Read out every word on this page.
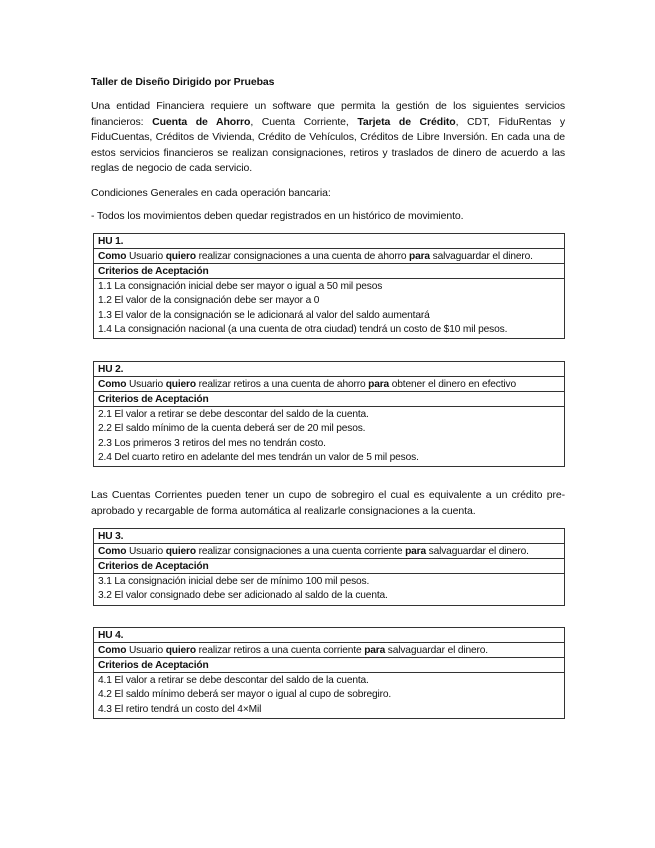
Taller de Diseño Dirigido por Pruebas
Una entidad Financiera requiere un software que permita la gestión de los siguientes servicios financieros: Cuenta de Ahorro, Cuenta Corriente, Tarjeta de Crédito, CDT, FiduRentas y FiduCuentas, Créditos de Vivienda, Crédito de Vehículos, Créditos de Libre Inversión. En cada una de estos servicios financieros se realizan consignaciones, retiros y traslados de dinero de acuerdo a las reglas de negocio de cada servicio.
Condiciones Generales en cada operación bancaria:
- Todos los movimientos deben quedar registrados en un histórico de movimiento.
HU 1.
Como Usuario quiero realizar consignaciones a una cuenta de ahorro para salvaguardar el dinero.
Criterios de Aceptación

1.1 La consignación inicial debe ser mayor o igual a 50 mil pesos
1.2 El valor de la consignación debe ser mayor a 0
1.3 El valor de la consignación se le adicionará al valor del saldo aumentará
1.4 La consignación nacional (a una cuenta de otra ciudad) tendrá un costo de $10 mil pesos.
HU 2.
Como Usuario quiero realizar retiros a una cuenta de ahorro para obtener el dinero en efectivo
Criterios de Aceptación

2.1 El valor a retirar se debe descontar del saldo de la cuenta.
2.2 El saldo mínimo de la cuenta deberá ser de 20 mil pesos.
2.3 Los primeros 3 retiros del mes no tendrán costo.
2.4 Del cuarto retiro en adelante del mes tendrán un valor de 5 mil pesos.
Las Cuentas Corrientes pueden tener un cupo de sobregiro el cual es equivalente a un crédito pre-aprobado y recargable de forma automática al realizarle consignaciones a la cuenta.
HU 3.
Como Usuario quiero realizar consignaciones a una cuenta corriente para salvaguardar el dinero.
Criterios de Aceptación

3.1 La consignación inicial debe ser de mínimo 100 mil pesos.
3.2 El valor consignado debe ser adicionado al saldo de la cuenta.
HU 4.
Como Usuario quiero realizar retiros a una cuenta corriente para salvaguardar el dinero.
Criterios de Aceptación

4.1 El valor a retirar se debe descontar del saldo de la cuenta.
4.2 El saldo mínimo deberá ser mayor o igual al cupo de sobregiro.
4.3 El retiro tendrá un costo del 4×Mil
